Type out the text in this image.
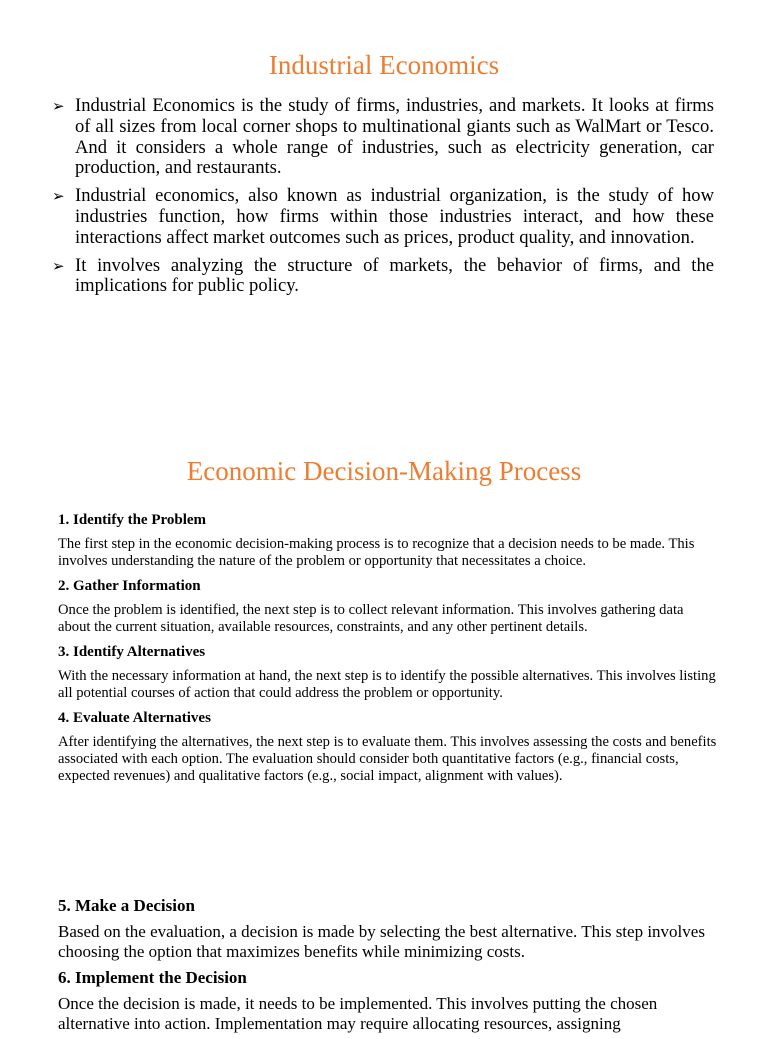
Industrial Economics
➢ Industrial Economics is the study of firms, industries, and markets. It looks at firms of all sizes from local corner shops to multinational giants such as WalMart or Tesco. And it considers a whole range of industries, such as electricity generation, car production, and restaurants.
➢ Industrial economics, also known as industrial organization, is the study of how industries function, how firms within those industries interact, and how these interactions affect market outcomes such as prices, product quality, and innovation.
➢ It involves analyzing the structure of markets, the behavior of firms, and the implications for public policy.
Economic Decision-Making Process
1. Identify the Problem

The first step in the economic decision-making process is to recognize that a decision needs to be made. This involves understanding the nature of the problem or opportunity that necessitates a choice.

2. Gather Information

Once the problem is identified, the next step is to collect relevant information. This involves gathering data about the current situation, available resources, constraints, and any other pertinent details.

3. Identify Alternatives

With the necessary information at hand, the next step is to identify the possible alternatives. This involves listing all potential courses of action that could address the problem or opportunity.

4. Evaluate Alternatives

After identifying the alternatives, the next step is to evaluate them. This involves assessing the costs and benefits associated with each option. The evaluation should consider both quantitative factors (e.g., financial costs, expected revenues) and qualitative factors (e.g., social impact, alignment with values).

5. Make a Decision

Based on the evaluation, a decision is made by selecting the best alternative. This step involves choosing the option that maximizes benefits while minimizing costs.

6. Implement the Decision

Once the decision is made, it needs to be implemented. This involves putting the chosen alternative into action. Implementation may require allocating resources, assigning
